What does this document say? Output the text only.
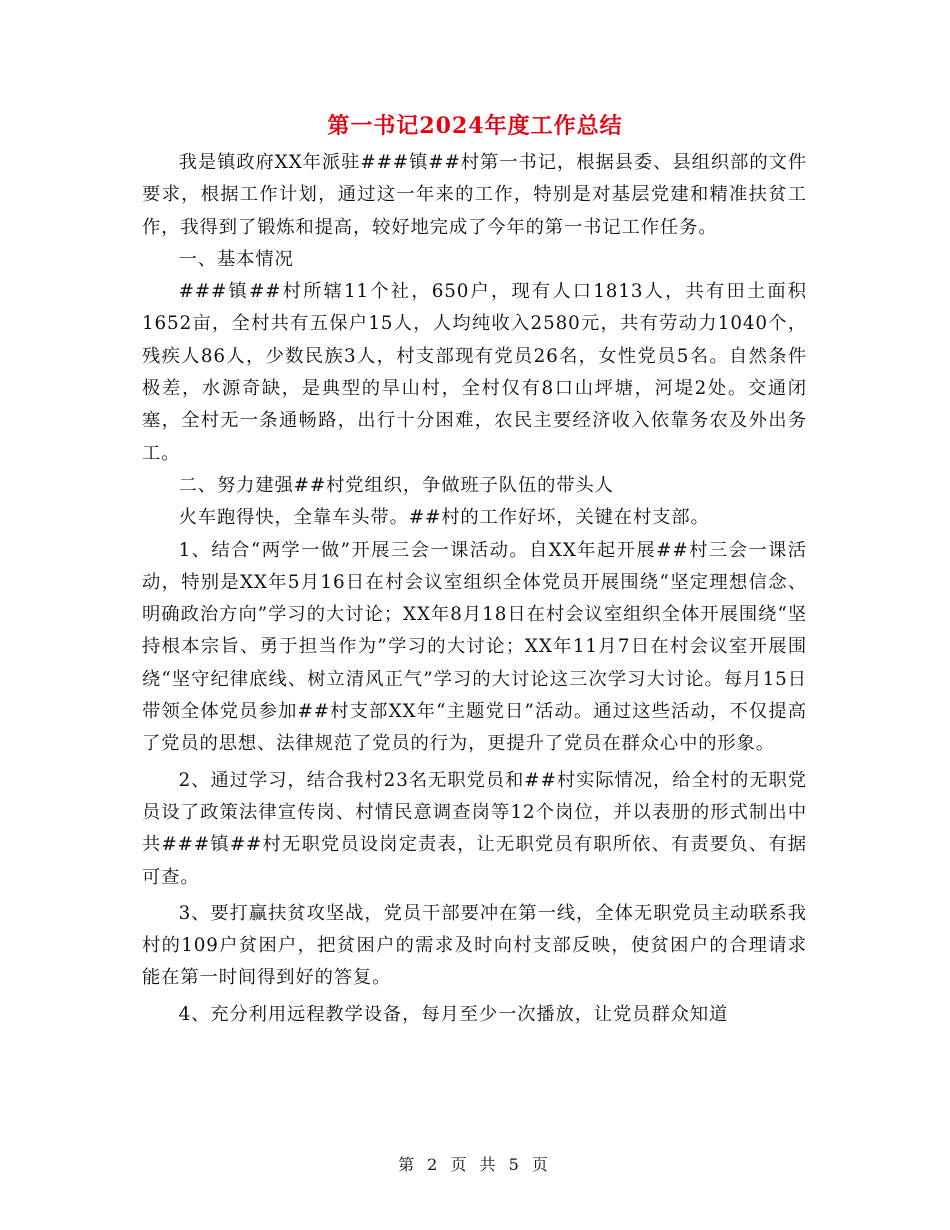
第一书记2024年度工作总结

我是镇政府XX年派驻###镇##村第一书记，根据县委、县组织部的文件要求，根据工作计划，通过这一年来的工作，特别是对基层党建和精准扶贫工作，我得到了锻炼和提高，较好地完成了今年的第一书记工作任务。

一、基本情况

###镇##村所辖11个社，650户，现有人口1813人，共有田土面积1652亩，全村共有五保户15人，人均纯收入2580元，共有劳动力1040个，残疾人86人，少数民族3人，村支部现有党员26名，女性党员5名。自然条件极差，水源奇缺，是典型的旱山村，全村仅有8口山坪塘，河堤2处。交通闭塞，全村无一条通畅路，出行十分困难，农民主要经济收入依靠务农及外出务工。

二、努力建强##村党组织，争做班子队伍的带头人

火车跑得快，全靠车头带。##村的工作好坏，关键在村支部。

1、结合“两学一做”开展三会一课活动。自XX年起开展##村三会一课活动，特别是XX年5月16日在村会议室组织全体党员开展围绕“坚定理想信念、明确政治方向”学习的大讨论；XX年8月18日在村会议室组织全体开展围绕“坚持根本宗旨、勇于担当作为”学习的大讨论；XX年11月7日在村会议室开展围绕“坚守纪律底线、树立清风正气”学习的大讨论这三次学习大讨论。每月15日带领全体党员参加##村支部XX年“主题党日”活动。通过这些活动，不仅提高了党员的思想、法律规范了党员的行为，更提升了党员在群众心中的形象。

2、通过学习，结合我村23名无职党员和##村实际情况，给全村的无职党员设了政策法律宣传岗、村情民意调查岗等12个岗位，并以表册的形式制出中共###镇##村无职党员设岗定责表，让无职党员有职所依、有责要负、有据可查。

3、要打赢扶贫攻坚战，党员干部要冲在第一线，全体无职党员主动联系我村的109户贫困户，把贫困户的需求及时向村支部反映，使贫困户的合理请求能在第一时间得到好的答复。

4、充分利用远程教学设备，每月至少一次播放，让党员群众知道

第 2 页 共 5 页
